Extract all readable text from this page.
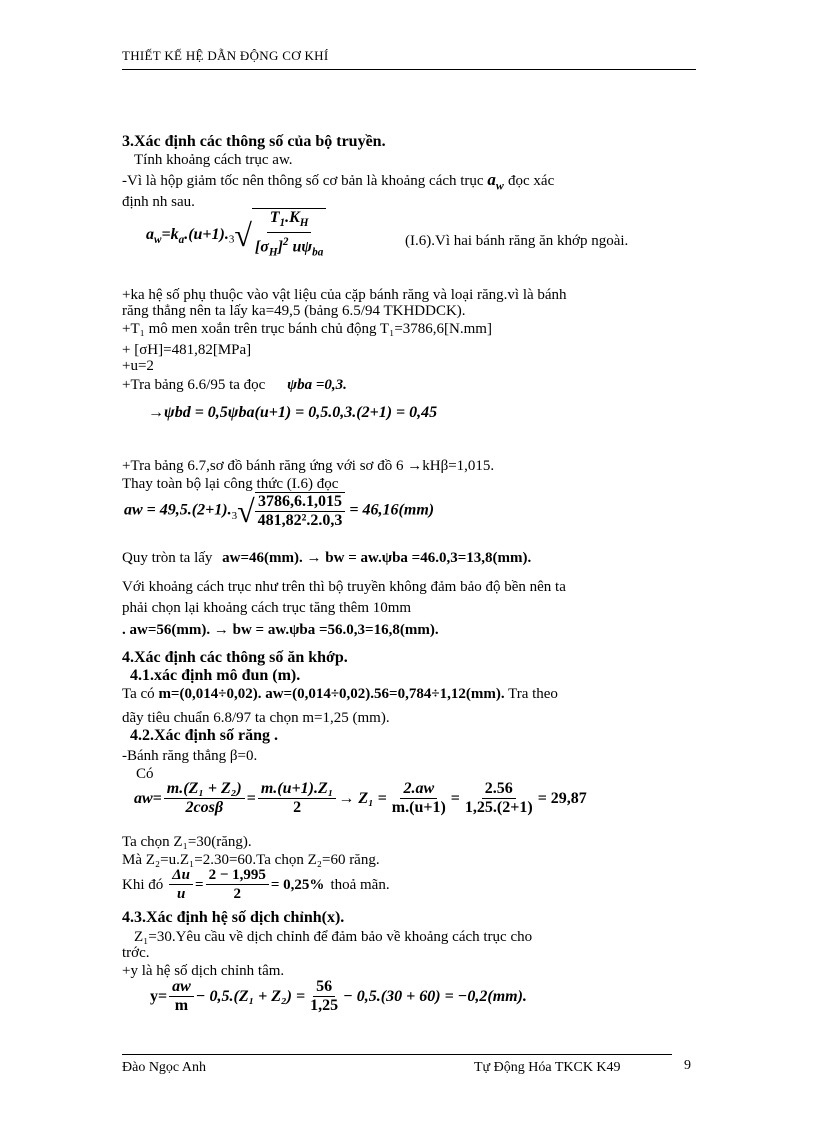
THIẾT KẾ HỆ DẪN ĐỘNG CƠ KHÍ
3.Xác định các thông số của bộ truyền.
Tính khoảng cách trục aw.
-Vì là hộp giảm tốc nên thông số cơ bản là khoảng cách trục $a_w$ đọc xác
định nh sau.
$a_w=k_a.(u+1)._3√ \frac{T_1.K_H}{[\sigma_H]^2 u\psi_{ba}}$	(I.6).Vì hai bánh răng ăn khớp ngoài.
+ka hệ số phụ thuộc vào vật liệu của cặp bánh răng và loại răng.vì là bánh
răng thẳng nên ta lấy ka=49,5 (bảng 6.5/94 TKHDDCK).
+T₁ mô men xoắn trên trục bánh chủ động T₁=3786,6[N.mm]
+ [σH]=481,82[MPa]
+u=2
+Tra bảng 6.6/95 ta đọc ψba =0,3.
→ψbd = 0,5ψba(u+1) = 0,5.0,3.(2+1) = 0,45
+Tra bảng 6.7,sơ đồ bánh răng ứng với sơ đồ 6 →kHβ=1,015.
Thay toàn bộ lại công thức (I.6) đọc
aw = $49,5.(2+1)._3√ \frac{3786,6.1,015}{\text{481,82².2.0,3}} = 46,16(mm)$
Quy tròn ta lấy aw=46(mm). → bw = aw.ψba =46.0,3=13,8(mm).
Với khoảng cách trục như trên thì bộ truyền không đảm bảo độ bền nên ta
phải chọn lại khoảng cách trục tăng thêm 10mm
. aw=56(mm). → bw = aw.ψba =56.0,3=16,8(mm).
4.Xác định các thông số ăn khớp.
4.1.xác định mô đun (m).
Ta có m=(0,014÷0,02). aw=(0,014÷0,02).56=0,784÷1,12(mm). Tra theo
dãy tiêu chuẩn 6.8/97 ta chọn m=1,25 (mm).
4.2.Xác định số răng .
-Bánh răng thẳng β=0.
Có
$aw= \frac{\text{m.(Z₁ + Z₂)}}{2\cos\beta} = \frac{\text{m.(u+1).Z₁}}{2} \to Z_1 = \frac{2.aw}{m.(u+1)} = \frac{2.56}{1,25.(2+1)} = 29,87$
Ta chọn Z₁=30(răng).
Mà Z₂=u.Z₁=2.30=60.Ta chọn Z₂=60 răng.
Khi đó $\frac{\Delta u}{u} = \frac{2 - 1,995}{2} = 0,25\%$ thoả mãn.
4.3.Xác định hệ số dịch chỉnh(x).
Z₁=30.Yêu cầu về dịch chỉnh để đảm bảo về khoảng cách trục cho
trớc.
+y là hệ số dịch chỉnh tâm.
$y= \frac{aw}{m} - 0,5.(Z_1 + Z_2) = \frac{56}{1,25} - 0,5.(30 + 60) = -0,2(mm)$.
Đào Ngọc Anh	Tự Động Hóa TKCK K49	9
